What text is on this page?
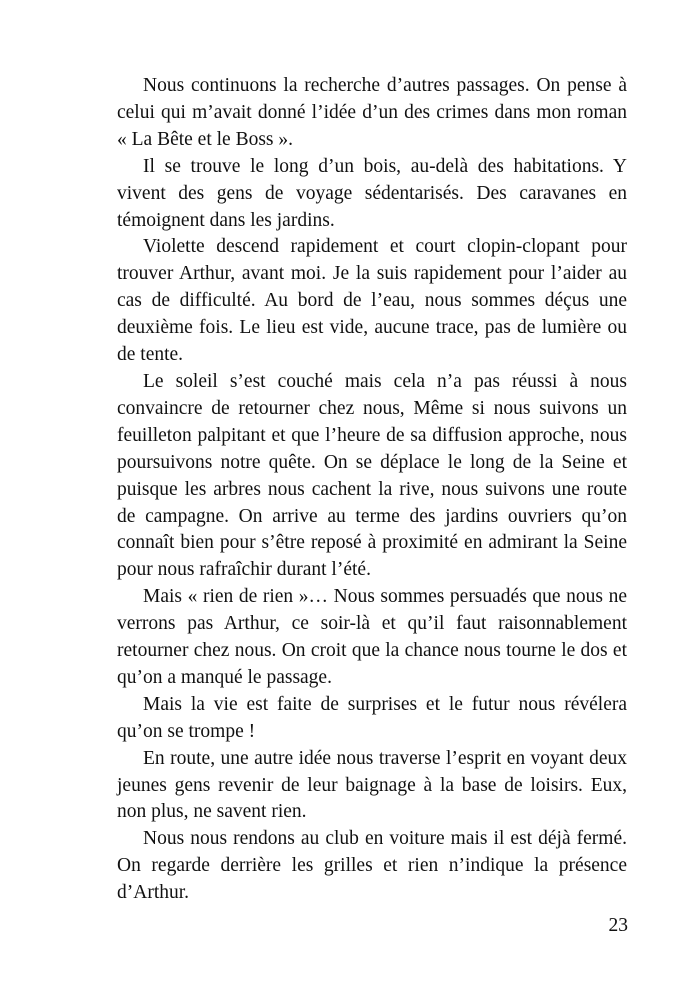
Nous continuons la recherche d’autres passages. On pense à celui qui m’avait donné l’idée d’un des crimes dans mon roman « La Bête et le Boss ».

Il se trouve le long d’un bois, au-delà des habitations. Y vivent des gens de voyage sédentarisés. Des caravanes en témoignent dans les jardins.

Violette descend rapidement et court clopin-clopant pour trouver Arthur, avant moi. Je la suis rapidement pour l’aider au cas de difficulté. Au bord de l’eau, nous sommes déçus une deuxième fois. Le lieu est vide, aucune trace, pas de lumière ou de tente.

Le soleil s’est couché mais cela n’a pas réussi à nous convaincre de retourner chez nous, Même si nous suivons un feuilleton palpitant et que l’heure de sa diffusion approche, nous poursuivons notre quête. On se déplace le long de la Seine et puisque les arbres nous cachent la rive, nous suivons une route de campagne. On arrive au terme des jardins ouvriers qu’on connaît bien pour s’être reposé à proximité en admirant la Seine pour nous rafraîchir durant l’été.

Mais « rien de rien »… Nous sommes persuadés que nous ne verrons pas Arthur, ce soir-là et qu’il faut raisonnablement retourner chez nous. On croit que la chance nous tourne le dos et qu’on a manqué le passage.

Mais la vie est faite de surprises et le futur nous révélera qu’on se trompe !

En route, une autre idée nous traverse l’esprit en voyant deux jeunes gens revenir de leur baignage à la base de loisirs. Eux, non plus, ne savent rien.

Nous nous rendons au club en voiture mais il est déjà fermé. On regarde derrière les grilles et rien n’indique la présence d’Arthur.

23
